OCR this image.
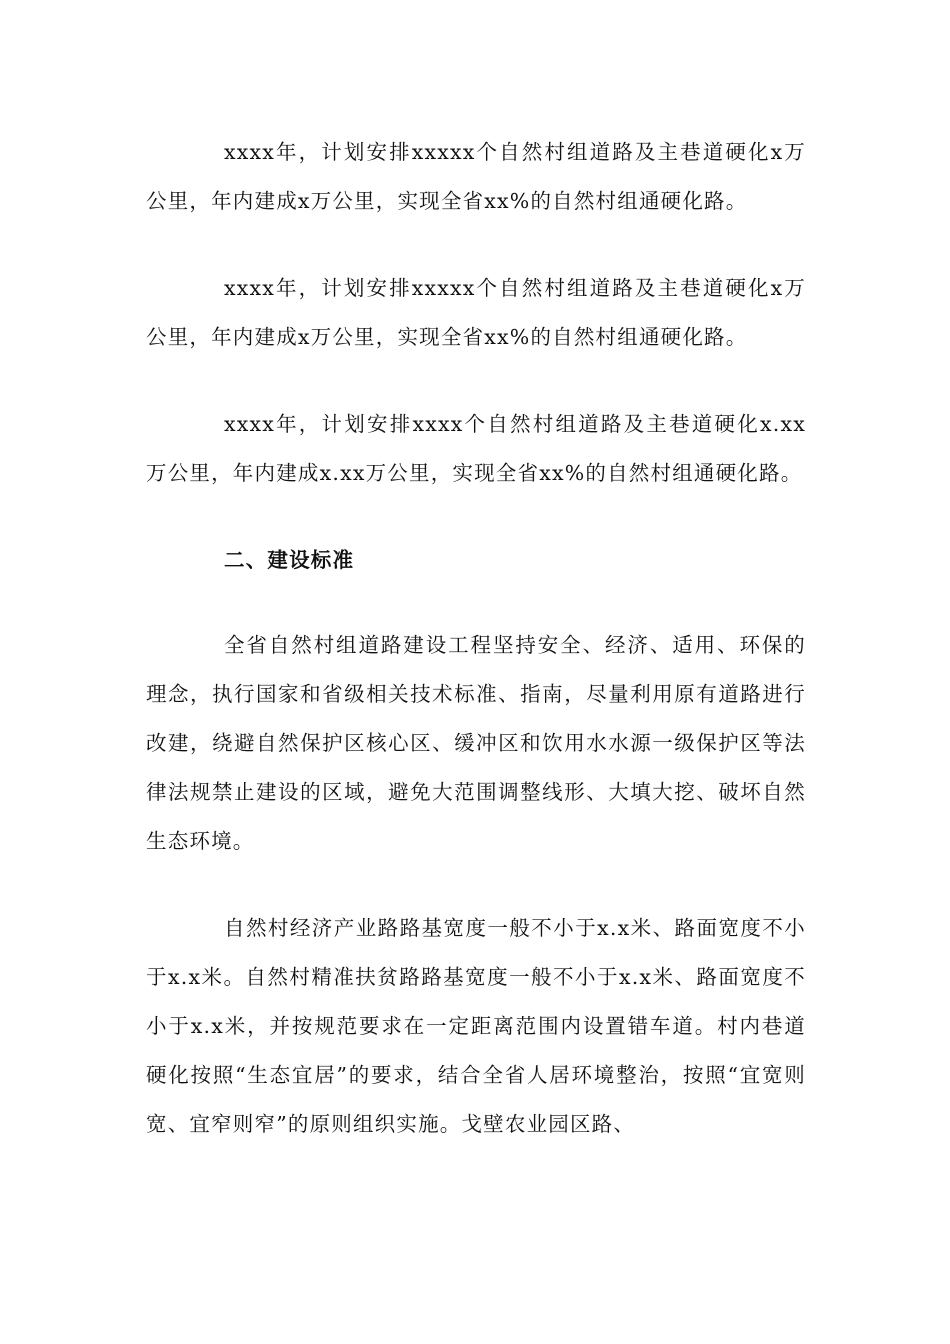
xxxx年，计划安排xxxxx个自然村组道路及主巷道硬化x万公里，年内建成x万公里，实现全省xx%的自然村组通硬化路。

xxxx年，计划安排xxxxx个自然村组道路及主巷道硬化x万公里，年内建成x万公里，实现全省xx%的自然村组通硬化路。

xxxx年，计划安排xxxx个自然村组道路及主巷道硬化x.xx万公里，年内建成x.xx万公里，实现全省xx%的自然村组通硬化路。

二、建设标准

全省自然村组道路建设工程坚持安全、经济、适用、环保的理念，执行国家和省级相关技术标准、指南，尽量利用原有道路进行改建，绕避自然保护区核心区、缓冲区和饮用水水源一级保护区等法律法规禁止建设的区域，避免大范围调整线形、大填大挖、破坏自然生态环境。

自然村经济产业路路基宽度一般不小于x.x米、路面宽度不小于x.x米。自然村精准扶贫路路基宽度一般不小于x.x米、路面宽度不小于x.x米，并按规范要求在一定距离范围内设置错车道。村内巷道硬化按照“生态宜居”的要求，结合全省人居环境整治，按照“宜宽则宽、宜窄则窄”的原则组织实施。戈壁农业园区路、
